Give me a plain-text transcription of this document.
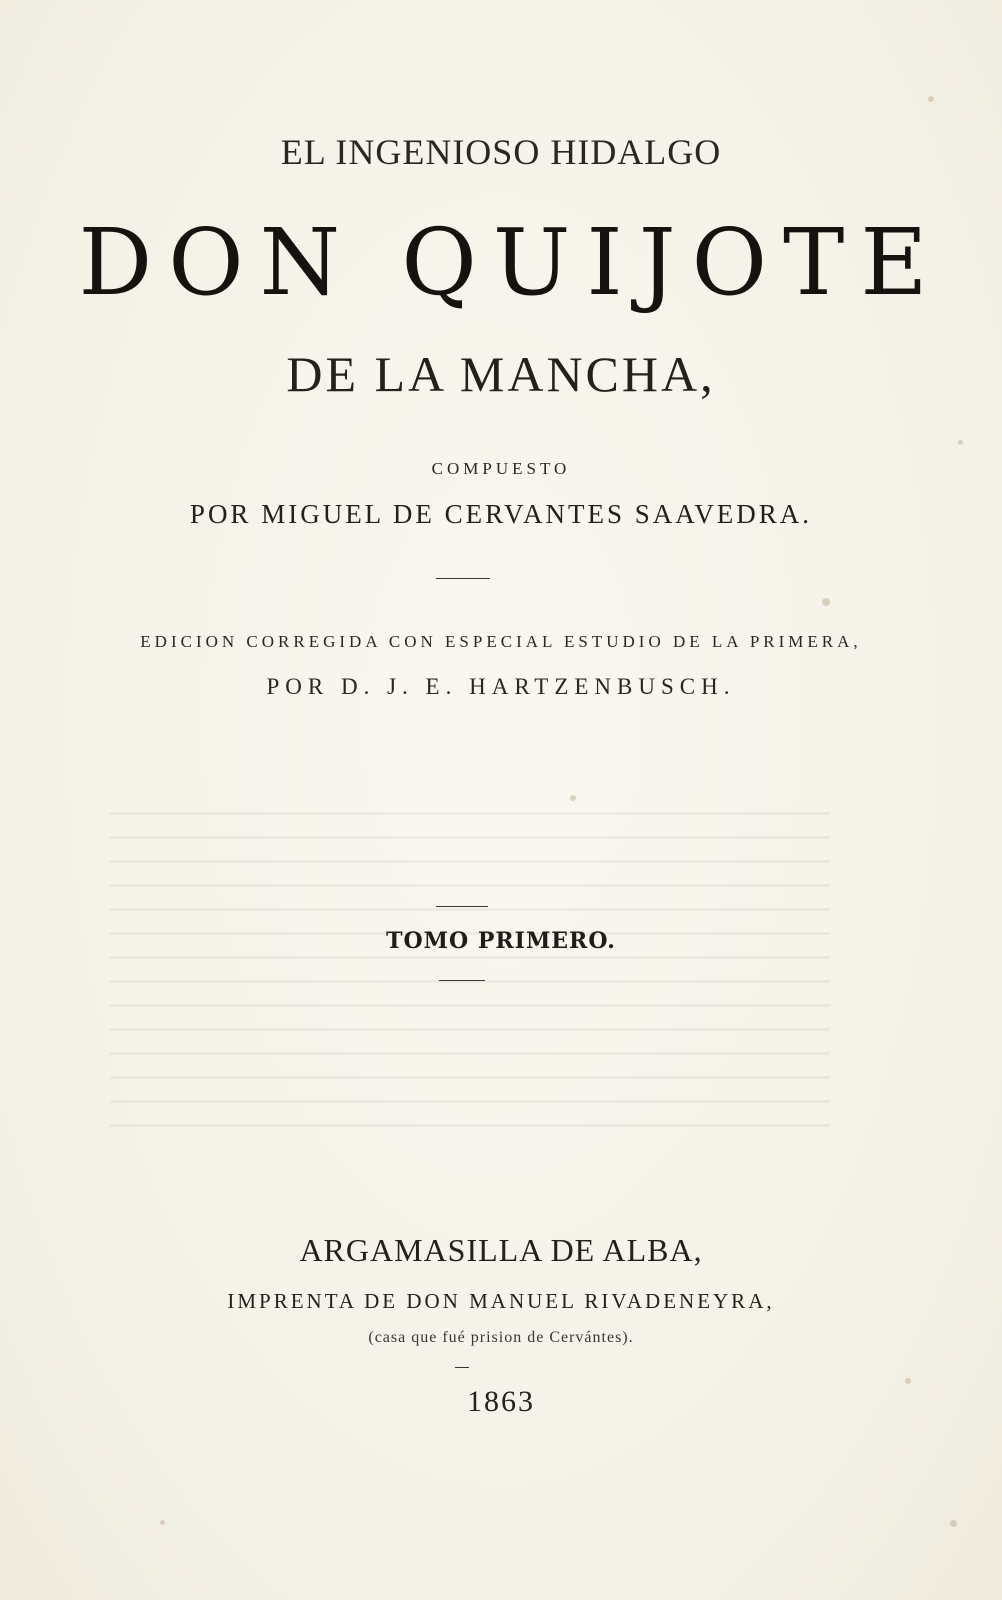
EL INGENIOSO HIDALGO
DON QUIJOTE
DE LA MANCHA,
COMPUESTO
POR MIGUEL DE CERVANTES SAAVEDRA.
EDICION CORREGIDA CON ESPECIAL ESTUDIO DE LA PRIMERA,
POR D. J. E. HARTZENBUSCH.
TOMO PRIMERO.
ARGAMASILLA DE ALBA,
IMPRENTA DE DON MANUEL RIVADENEYRA,
(casa que fué prision de Cervántes).
1863
